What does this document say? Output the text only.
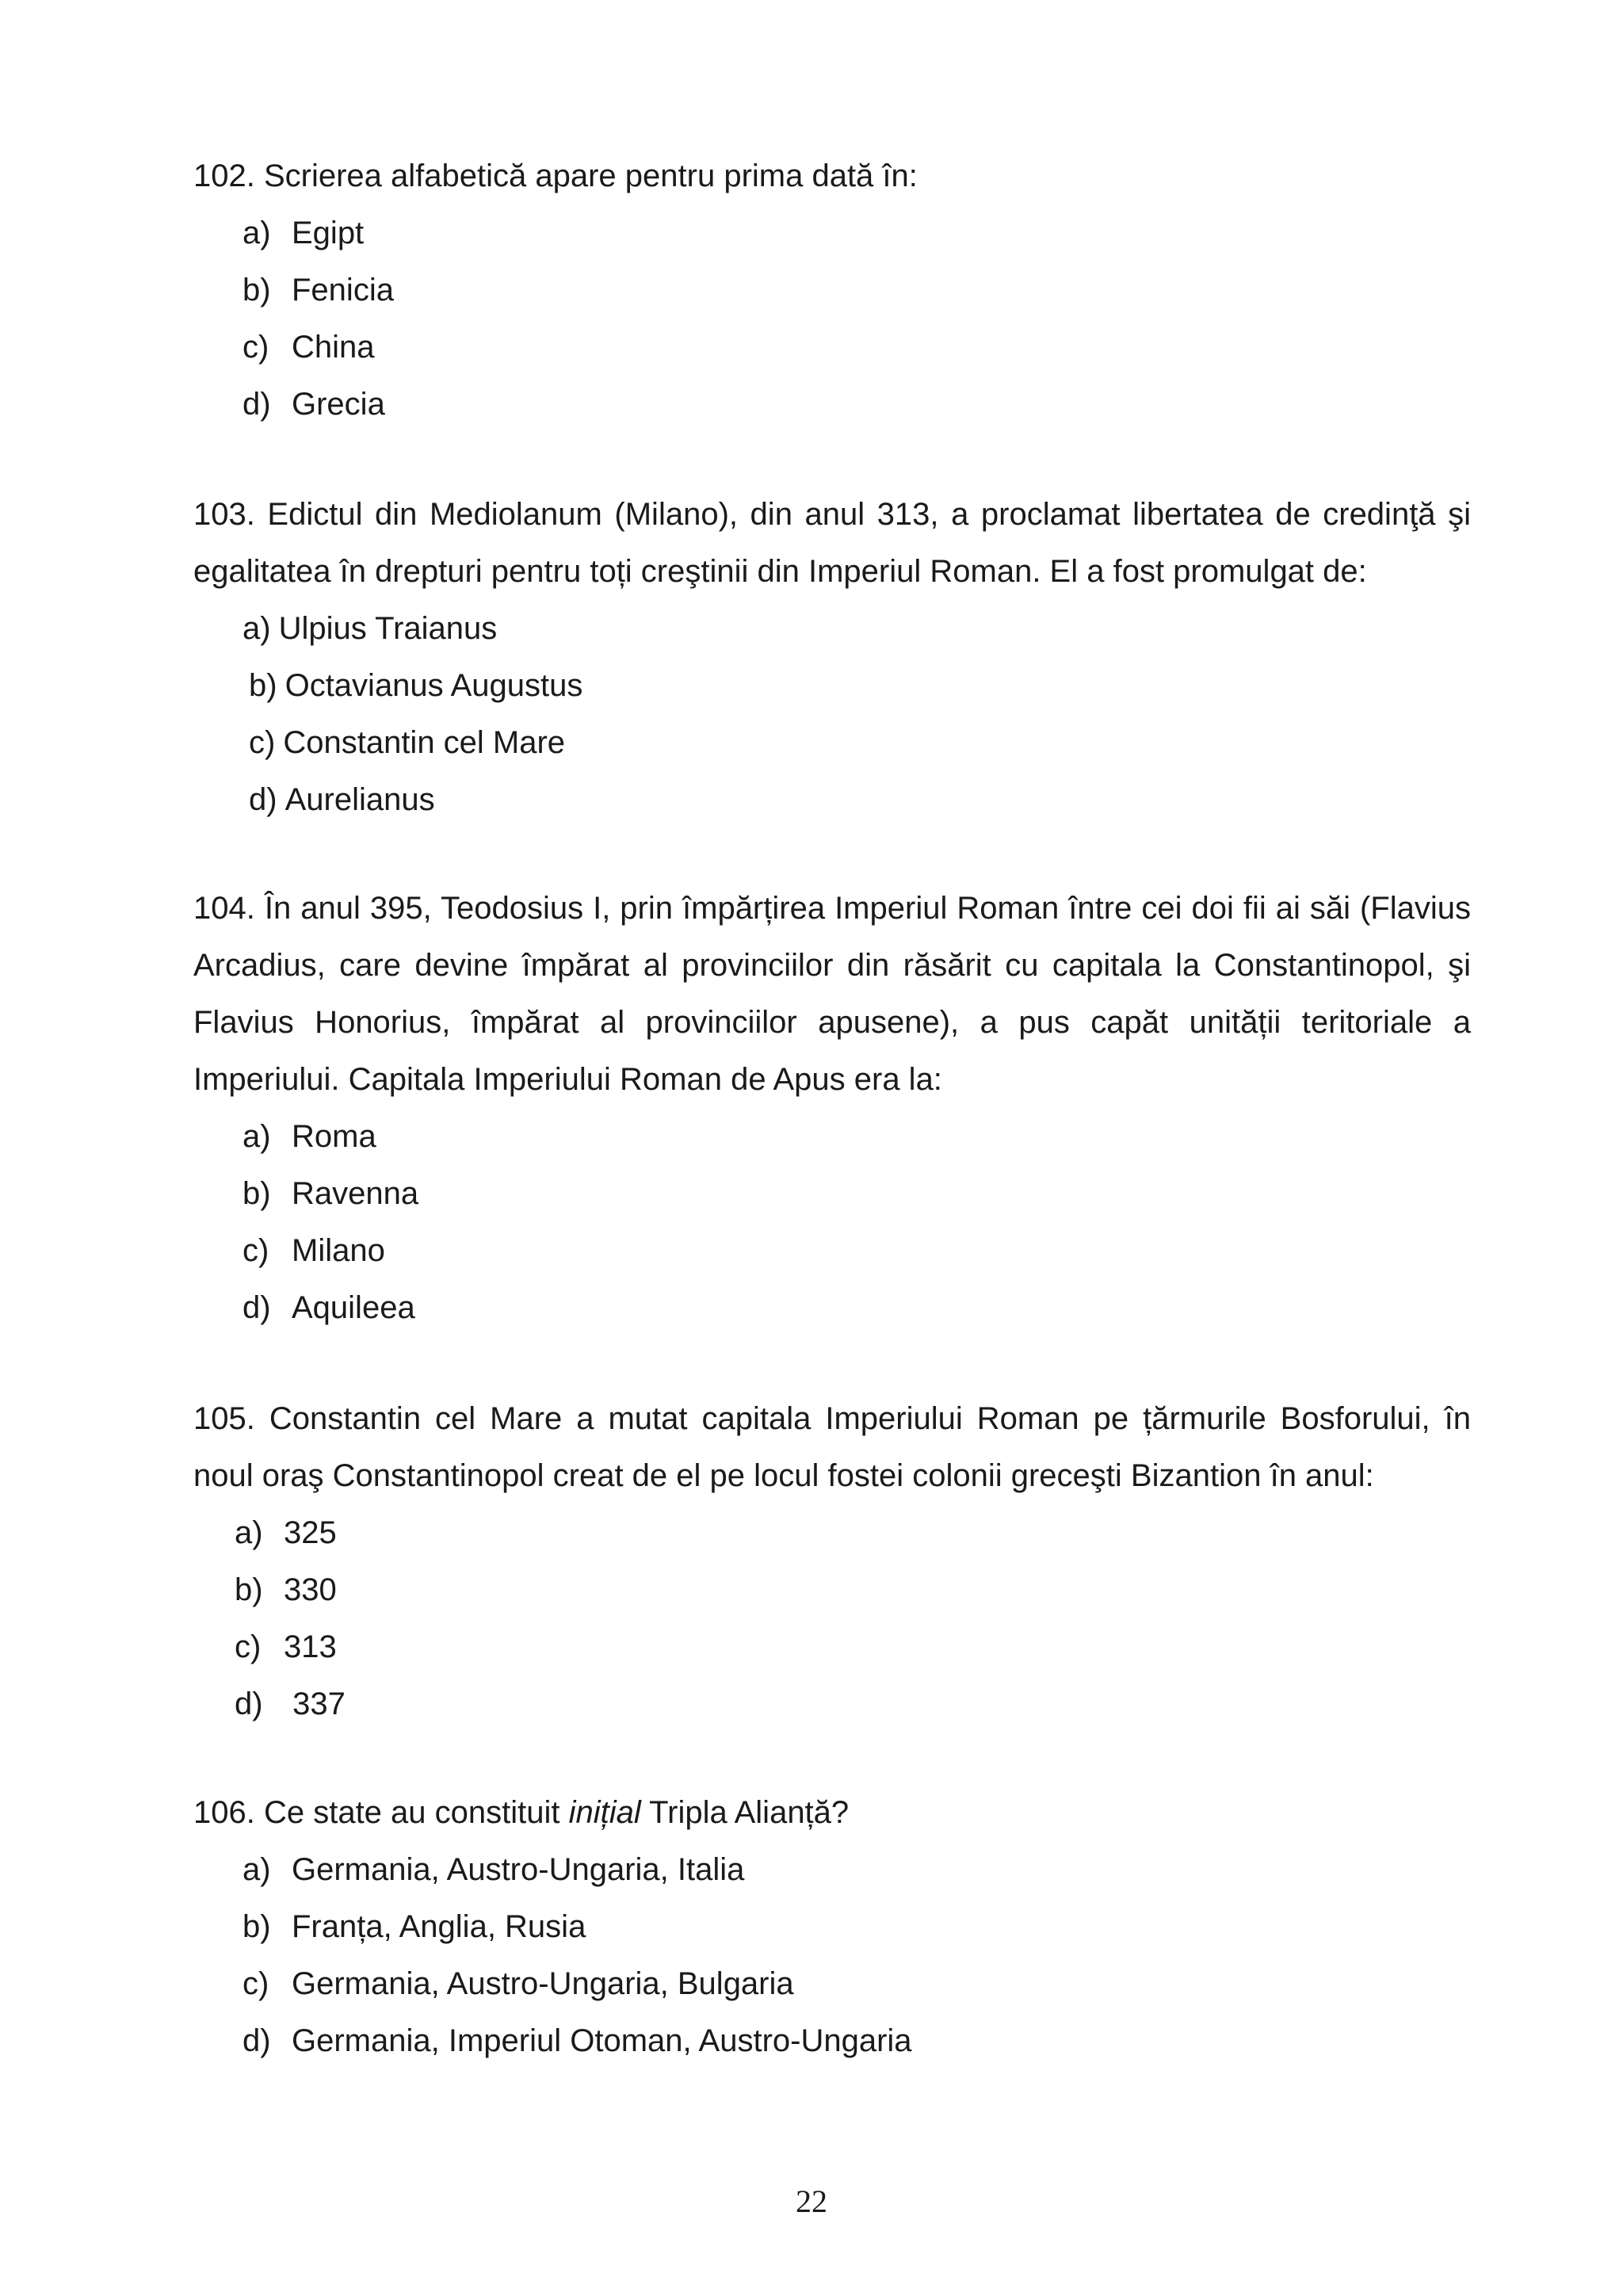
102. Scrierea alfabetică apare pentru prima dată în:

a) Egipt
b) Fenicia
c) China
d) Grecia

103. Edictul din Mediolanum (Milano), din anul 313, a proclamat libertatea de credinţă şi egalitatea în drepturi pentru toți creştinii din Imperiul Roman. El a fost promulgat de:

a) Ulpius Traianus
b) Octavianus Augustus
c) Constantin cel Mare
d) Aurelianus

104. În anul 395, Teodosius I, prin împărțirea Imperiul Roman între cei doi fii ai săi (Flavius Arcadius, care devine împărat al provinciilor din răsărit cu capitala la Constantinopol, şi Flavius Honorius, împărat al provinciilor apusene), a pus capăt unității teritoriale a Imperiului. Capitala Imperiului Roman de Apus era la:

a) Roma
b) Ravenna
c) Milano
d) Aquileea

105. Constantin cel Mare a mutat capitala Imperiului Roman pe țărmurile Bosforului, în noul oraş Constantinopol creat de el pe locul fostei colonii greceşti Bizantion în anul:

a) 325
b) 330
c) 313
d) 337

106. Ce state au constituit inițial Tripla Alianță?

a) Germania, Austro-Ungaria, Italia
b) Franța, Anglia, Rusia
c) Germania, Austro-Ungaria, Bulgaria
d) Germania, Imperiul Otoman, Austro-Ungaria
22
